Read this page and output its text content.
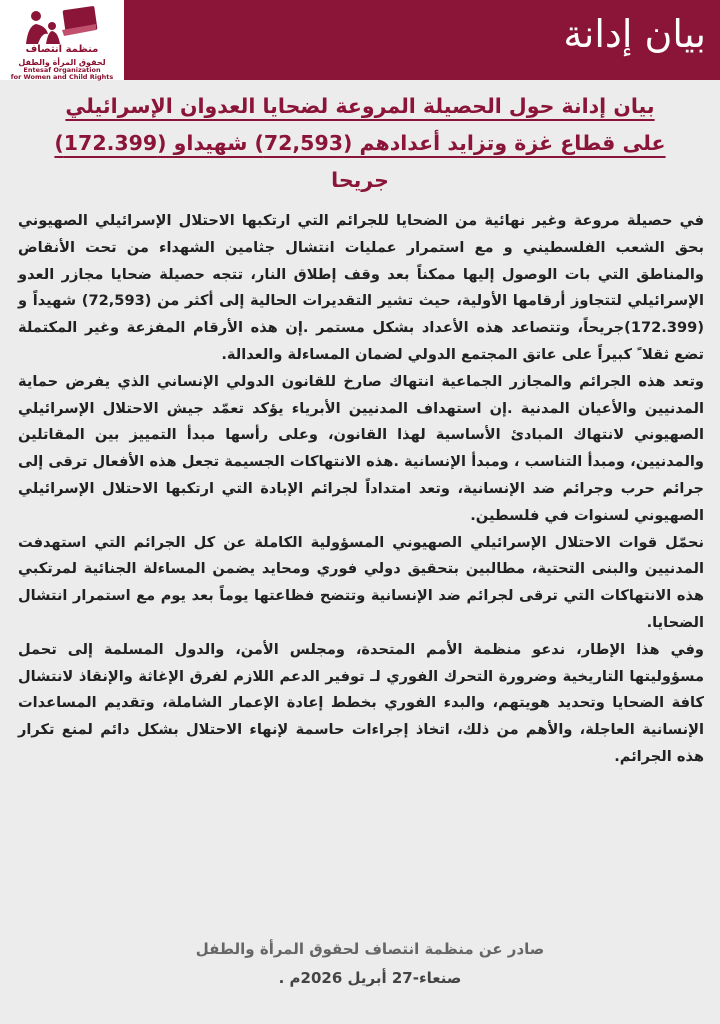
منظمة انتصاف
لحقوق المرأة والطفل
Entesaf Organization
for Women and Child Rights
بيان إدانة
بيان إدانة حول الحصيلة المروعة لضحايا العدوان الإسرائيلي
على قطاع غزة وتزايد أعدادهم (72,593) شهيداو (172.399)
جريحا

في حصيلة مروعة وغير نهائية من الضحايا للجرائم التي ارتكبها الاحتلال الإسرائيلي الصهيوني بحق الشعب الفلسطيني و مع استمرار عمليات انتشال جثامين الشهداء من تحت الأنقاض والمناطق التي بات الوصول إليها ممكناً بعد وقف إطلاق النار، تتجه حصيلة ضحايا مجازر العدو الإسرائيلي لتتجاوز أرقامها الأولية، حيث تشير التقديرات الحالية إلى أكثر من (72,593) شهيداً و (172.399)جريحاً، وتتصاعد هذه الأعداد بشكل مستمر .إن هذه الأرقام المفزعة وغير المكتملة تضع ثقلا ً كبيراً على عاتق المجتمع الدولي لضمان المساءلة والعدالة.

وتعد هذه الجرائم والمجازر الجماعية انتهاك صارخ للقانون الدولي الإنساني الذي يفرض حماية المدنيين والأعيان المدنية .إن استهداف المدنيين الأبرياء يؤكد تعمّد جيش الاحتلال الإسرائيلي الصهيوني لانتهاك المبادئ الأساسية لهذا القانون، وعلى رأسها مبدأ التمييز بين المقاتلين والمدنيين، ومبدأ التناسب ، ومبدأ الإنسانية .هذه الانتهاكات الجسيمة تجعل هذه الأفعال ترقى إلى جرائم حرب وجرائم ضد الإنسانية، وتعد امتداداً لجرائم الإبادة التي ارتكبها الاحتلال الإسرائيلي الصهيوني لسنوات في فلسطين.

نحمّل قوات الاحتلال الإسرائيلي الصهيوني المسؤولية الكاملة عن كل الجرائم التي استهدفت المدنيين والبنى التحتية، مطالبين بتحقيق دولي فوري ومحايد يضمن المساءلة الجنائية لمرتكبي هذه الانتهاكات التي ترقى لجرائم ضد الإنسانية وتتضح فظاعتها يوماً بعد يوم مع استمرار انتشال الضحايا.

وفي هذا الإطار، ندعو منظمة الأمم المتحدة، ومجلس الأمن، والدول المسلمة إلى تحمل مسؤوليتها التاريخية وضرورة التحرك الفوري لـ توفير الدعم اللازم لفرق الإغاثة والإنقاذ لانتشال كافة الضحايا وتحديد هويتهم، والبدء الفوري بخطط إعادة الإعمار الشاملة، وتقديم المساعدات الإنسانية العاجلة، والأهم من ذلك، اتخاذ إجراءات حاسمة لإنهاء الاحتلال بشكل دائم لمنع تكرار هذه الجرائم.

صادر عن منظمة انتصاف لحقوق المرأة والطفل
صنعاء-27 أبريل 2026م .
